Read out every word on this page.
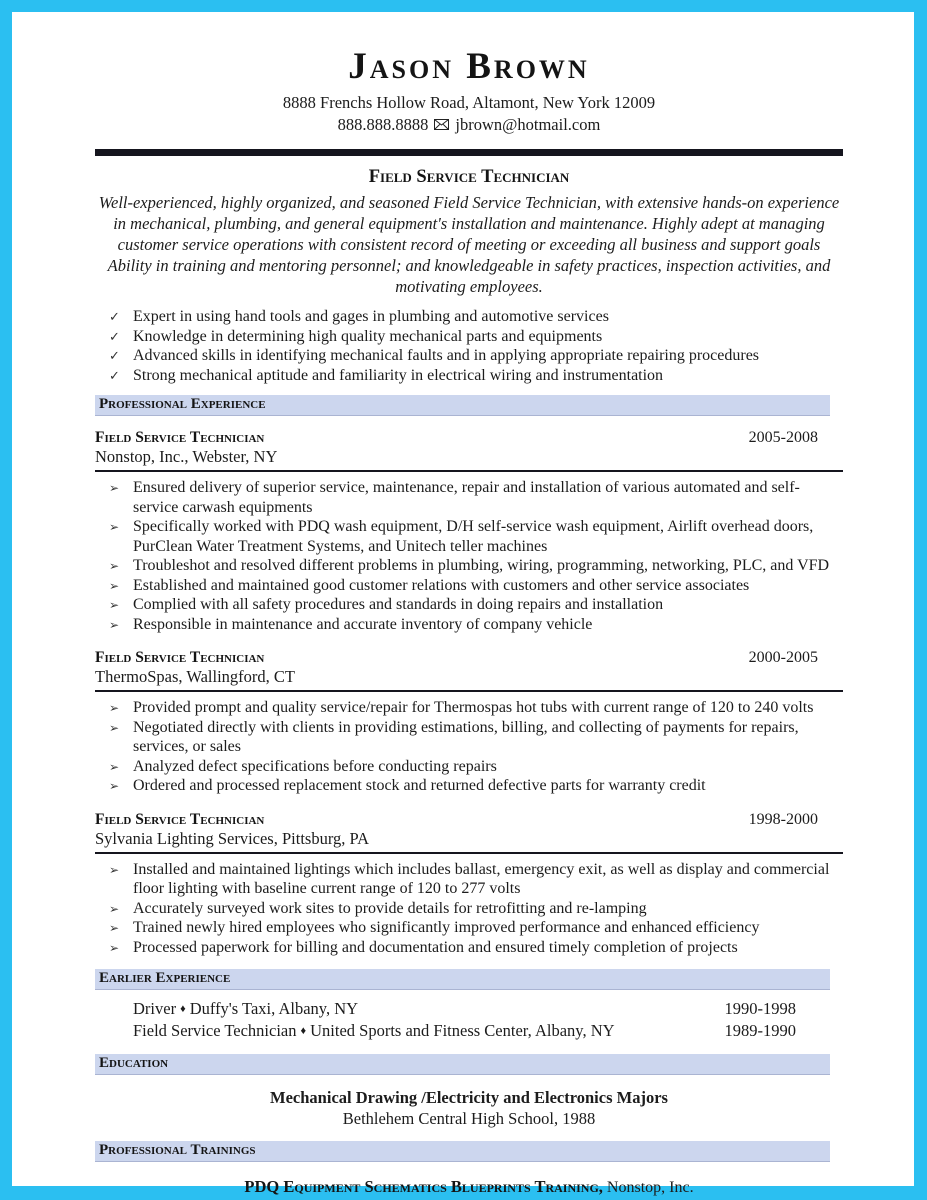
Jason Brown
8888 Frenchs Hollow Road, Altamont, New York 12009
888.888.8888 jbrown@hotmail.com
Field Service Technician
Well-experienced, highly organized, and seasoned Field Service Technician, with extensive hands-on experience in mechanical, plumbing, and general equipment's installation and maintenance. Highly adept at managing customer service operations with consistent record of meeting or exceeding all business and support goals Ability in training and mentoring personnel; and knowledgeable in safety practices, inspection activities, and motivating employees.
✓ Expert in using hand tools and gages in plumbing and automotive services
✓ Knowledge in determining high quality mechanical parts and equipments
✓ Advanced skills in identifying mechanical faults and in applying appropriate repairing procedures
✓ Strong mechanical aptitude and familiarity in electrical wiring and instrumentation
Professional Experience
Field Service Technician	2005-2008
Nonstop, Inc., Webster, NY
➢ Ensured delivery of superior service, maintenance, repair and installation of various automated and self-service carwash equipments
➢ Specifically worked with PDQ wash equipment, D/H self-service wash equipment, Airlift overhead doors, PurClean Water Treatment Systems, and Unitech teller machines
➢ Troubleshot and resolved different problems in plumbing, wiring, programming, networking, PLC, and VFD
➢ Established and maintained good customer relations with customers and other service associates
➢ Complied with all safety procedures and standards in doing repairs and installation
➢ Responsible in maintenance and accurate inventory of company vehicle
Field Service Technician	2000-2005
ThermoSpas, Wallingford, CT
➢ Provided prompt and quality service/repair for Thermospas hot tubs with current range of 120 to 240 volts
➢ Negotiated directly with clients in providing estimations, billing, and collecting of payments for repairs, services, or sales
➢ Analyzed defect specifications before conducting repairs
➢ Ordered and processed replacement stock and returned defective parts for warranty credit
Field Service Technician	1998-2000
Sylvania Lighting Services, Pittsburg, PA
➢ Installed and maintained lightings which includes ballast, emergency exit, as well as display and commercial floor lighting with baseline current range of 120 to 277 volts
➢ Accurately surveyed work sites to provide details for retrofitting and re-lamping
➢ Trained newly hired employees who significantly improved performance and enhanced efficiency
➢ Processed paperwork for billing and documentation and ensured timely completion of projects
Earlier Experience
Driver ♦ Duffy's Taxi, Albany, NY	1990-1998
Field Service Technician ♦ United Sports and Fitness Center, Albany, NY	1989-1990
Education
Mechanical Drawing /Electricity and Electronics Majors
Bethlehem Central High School, 1988
Professional Trainings
PDQ Equipment Schematics Blueprints Training, Nonstop, Inc.
